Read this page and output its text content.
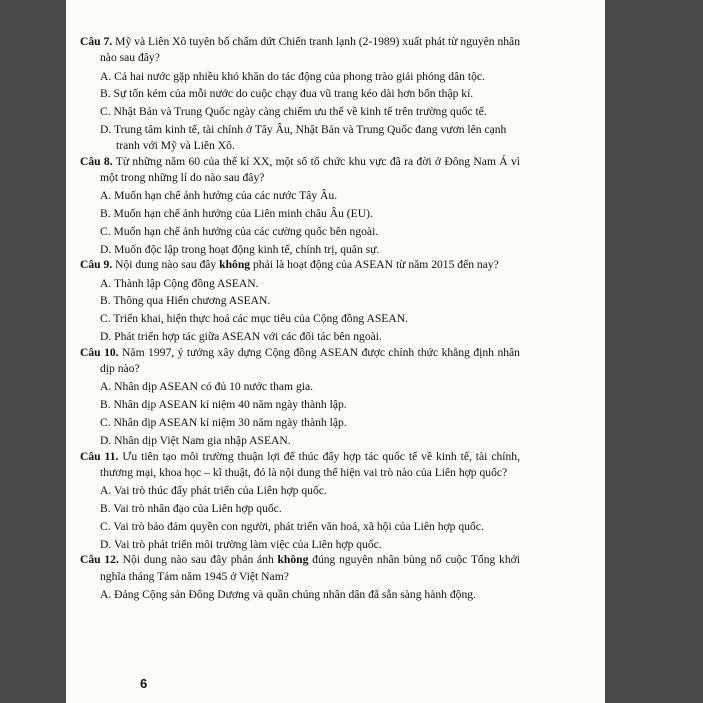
Câu 7. Mỹ và Liên Xô tuyên bố chấm dứt Chiến tranh lạnh (2-1989) xuất phát từ nguyên nhân nào sau đây?

A. Cả hai nước gặp nhiều khó khăn do tác động của phong trào giải phóng dân tộc.

B. Sự tốn kém của mỗi nước do cuộc chạy đua vũ trang kéo dài hơn bốn thập kỉ.

C. Nhật Bản và Trung Quốc ngày càng chiếm ưu thế về kinh tế trên trường quốc tế.

D. Trung tâm kinh tế, tài chính ở Tây Âu, Nhật Bản và Trung Quốc đang vươn lên cạnh tranh với Mỹ và Liên Xô.

Câu 8. Từ những năm 60 của thế kỉ XX, một số tổ chức khu vực đã ra đời ở Đông Nam Á vì một trong những lí do nào sau đây?

A. Muốn hạn chế ảnh hưởng của các nước Tây Âu.

B. Muốn hạn chế ảnh hưởng của Liên minh châu Âu (EU).

C. Muốn hạn chế ảnh hưởng của các cường quốc bên ngoài.

D. Muốn độc lập trong hoạt động kinh tế, chính trị, quân sự.

Câu 9. Nội dung nào sau đây không phải là hoạt động của ASEAN từ năm 2015 đến nay?

A. Thành lập Cộng đồng ASEAN.

B. Thông qua Hiến chương ASEAN.

C. Triển khai, hiện thực hoá các mục tiêu của Cộng đồng ASEAN.

D. Phát triển hợp tác giữa ASEAN với các đối tác bên ngoài.

Câu 10. Năm 1997, ý tưởng xây dựng Cộng đồng ASEAN được chính thức khẳng định nhân dịp nào?

A. Nhân dịp ASEAN có đủ 10 nước tham gia.

B. Nhân dịp ASEAN kỉ niệm 40 năm ngày thành lập.

C. Nhân dịp ASEAN kỉ niệm 30 năm ngày thành lập.

D. Nhân dịp Việt Nam gia nhập ASEAN.

Câu 11. Ưu tiên tạo môi trường thuận lợi để thúc đẩy hợp tác quốc tế về kinh tế, tài chính, thương mại, khoa học – kĩ thuật, đó là nội dung thể hiện vai trò nào của Liên hợp quốc?

A. Vai trò thúc đẩy phát triển của Liên hợp quốc.

B. Vai trò nhân đạo của Liên hợp quốc.

C. Vai trò bảo đảm quyền con người, phát triển văn hoá, xã hội của Liên hợp quốc.

D. Vai trò phát triển môi trường làm việc của Liên hợp quốc.

Câu 12. Nội dung nào sau đây phản ánh không đúng nguyên nhân bùng nổ cuộc Tổng khởi nghĩa tháng Tám năm 1945 ở Việt Nam?

A. Đảng Cộng sản Đông Dương và quần chúng nhân dân đã sẵn sàng hành động.

6
